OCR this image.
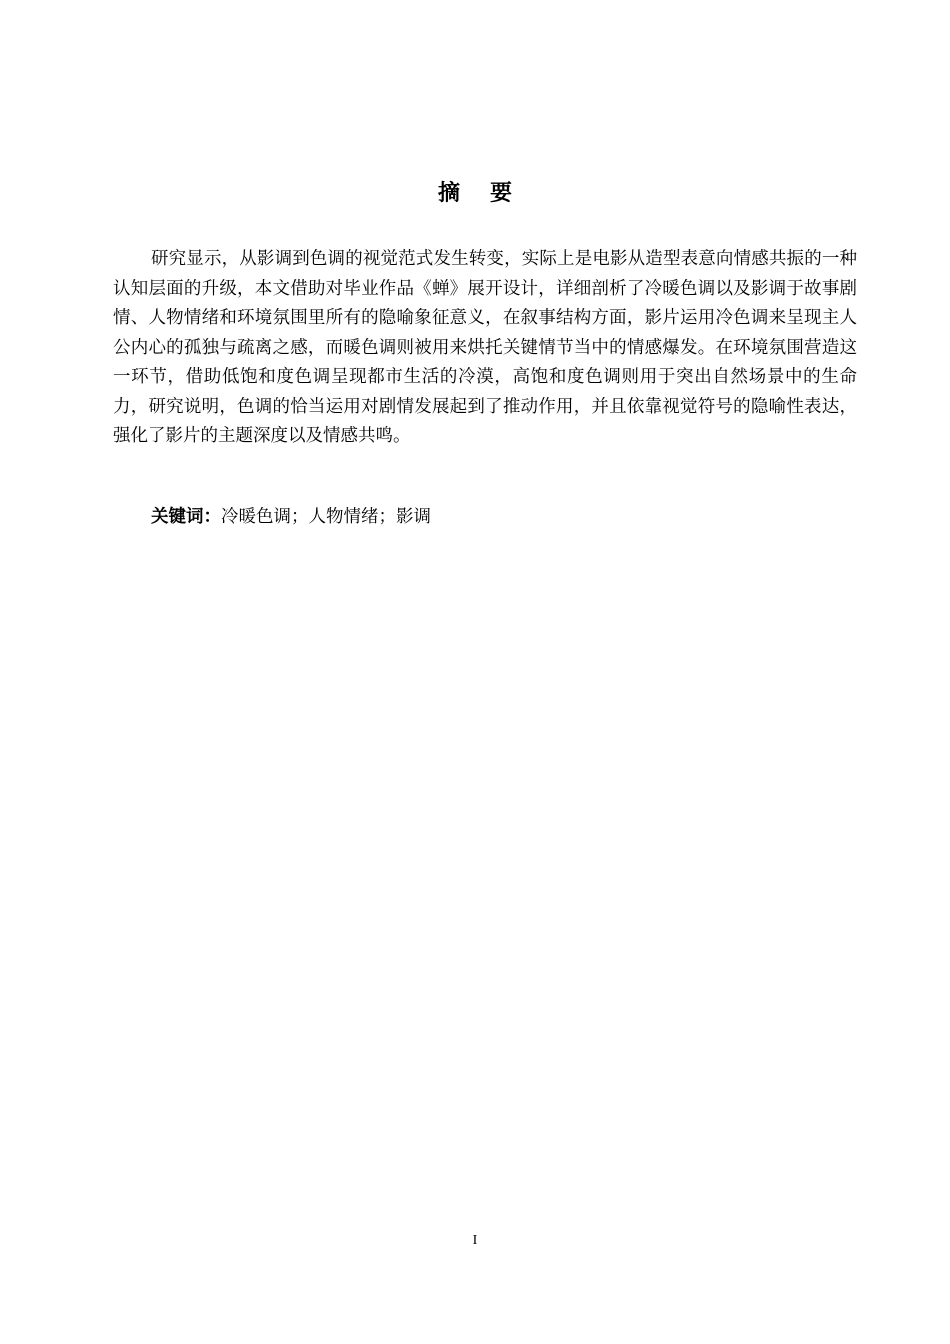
摘要

研究显示，从影调到色调的视觉范式发生转变，实际上是电影从造型表意向情感共振的一种认知层面的升级，本文借助对毕业作品《蝉》展开设计，详细剖析了冷暖色调以及影调于故事剧情、人物情绪和环境氛围里所有的隐喻象征意义，在叙事结构方面，影片运用冷色调来呈现主人公内心的孤独与疏离之感，而暖色调则被用来烘托关键情节当中的情感爆发。在环境氛围营造这一环节，借助低饱和度色调呈现都市生活的冷漠，高饱和度色调则用于突出自然场景中的生命力，研究说明，色调的恰当运用对剧情发展起到了推动作用，并且依靠视觉符号的隐喻性表达，强化了影片的主题深度以及情感共鸣。

关键词：冷暖色调；人物情绪；影调

I
